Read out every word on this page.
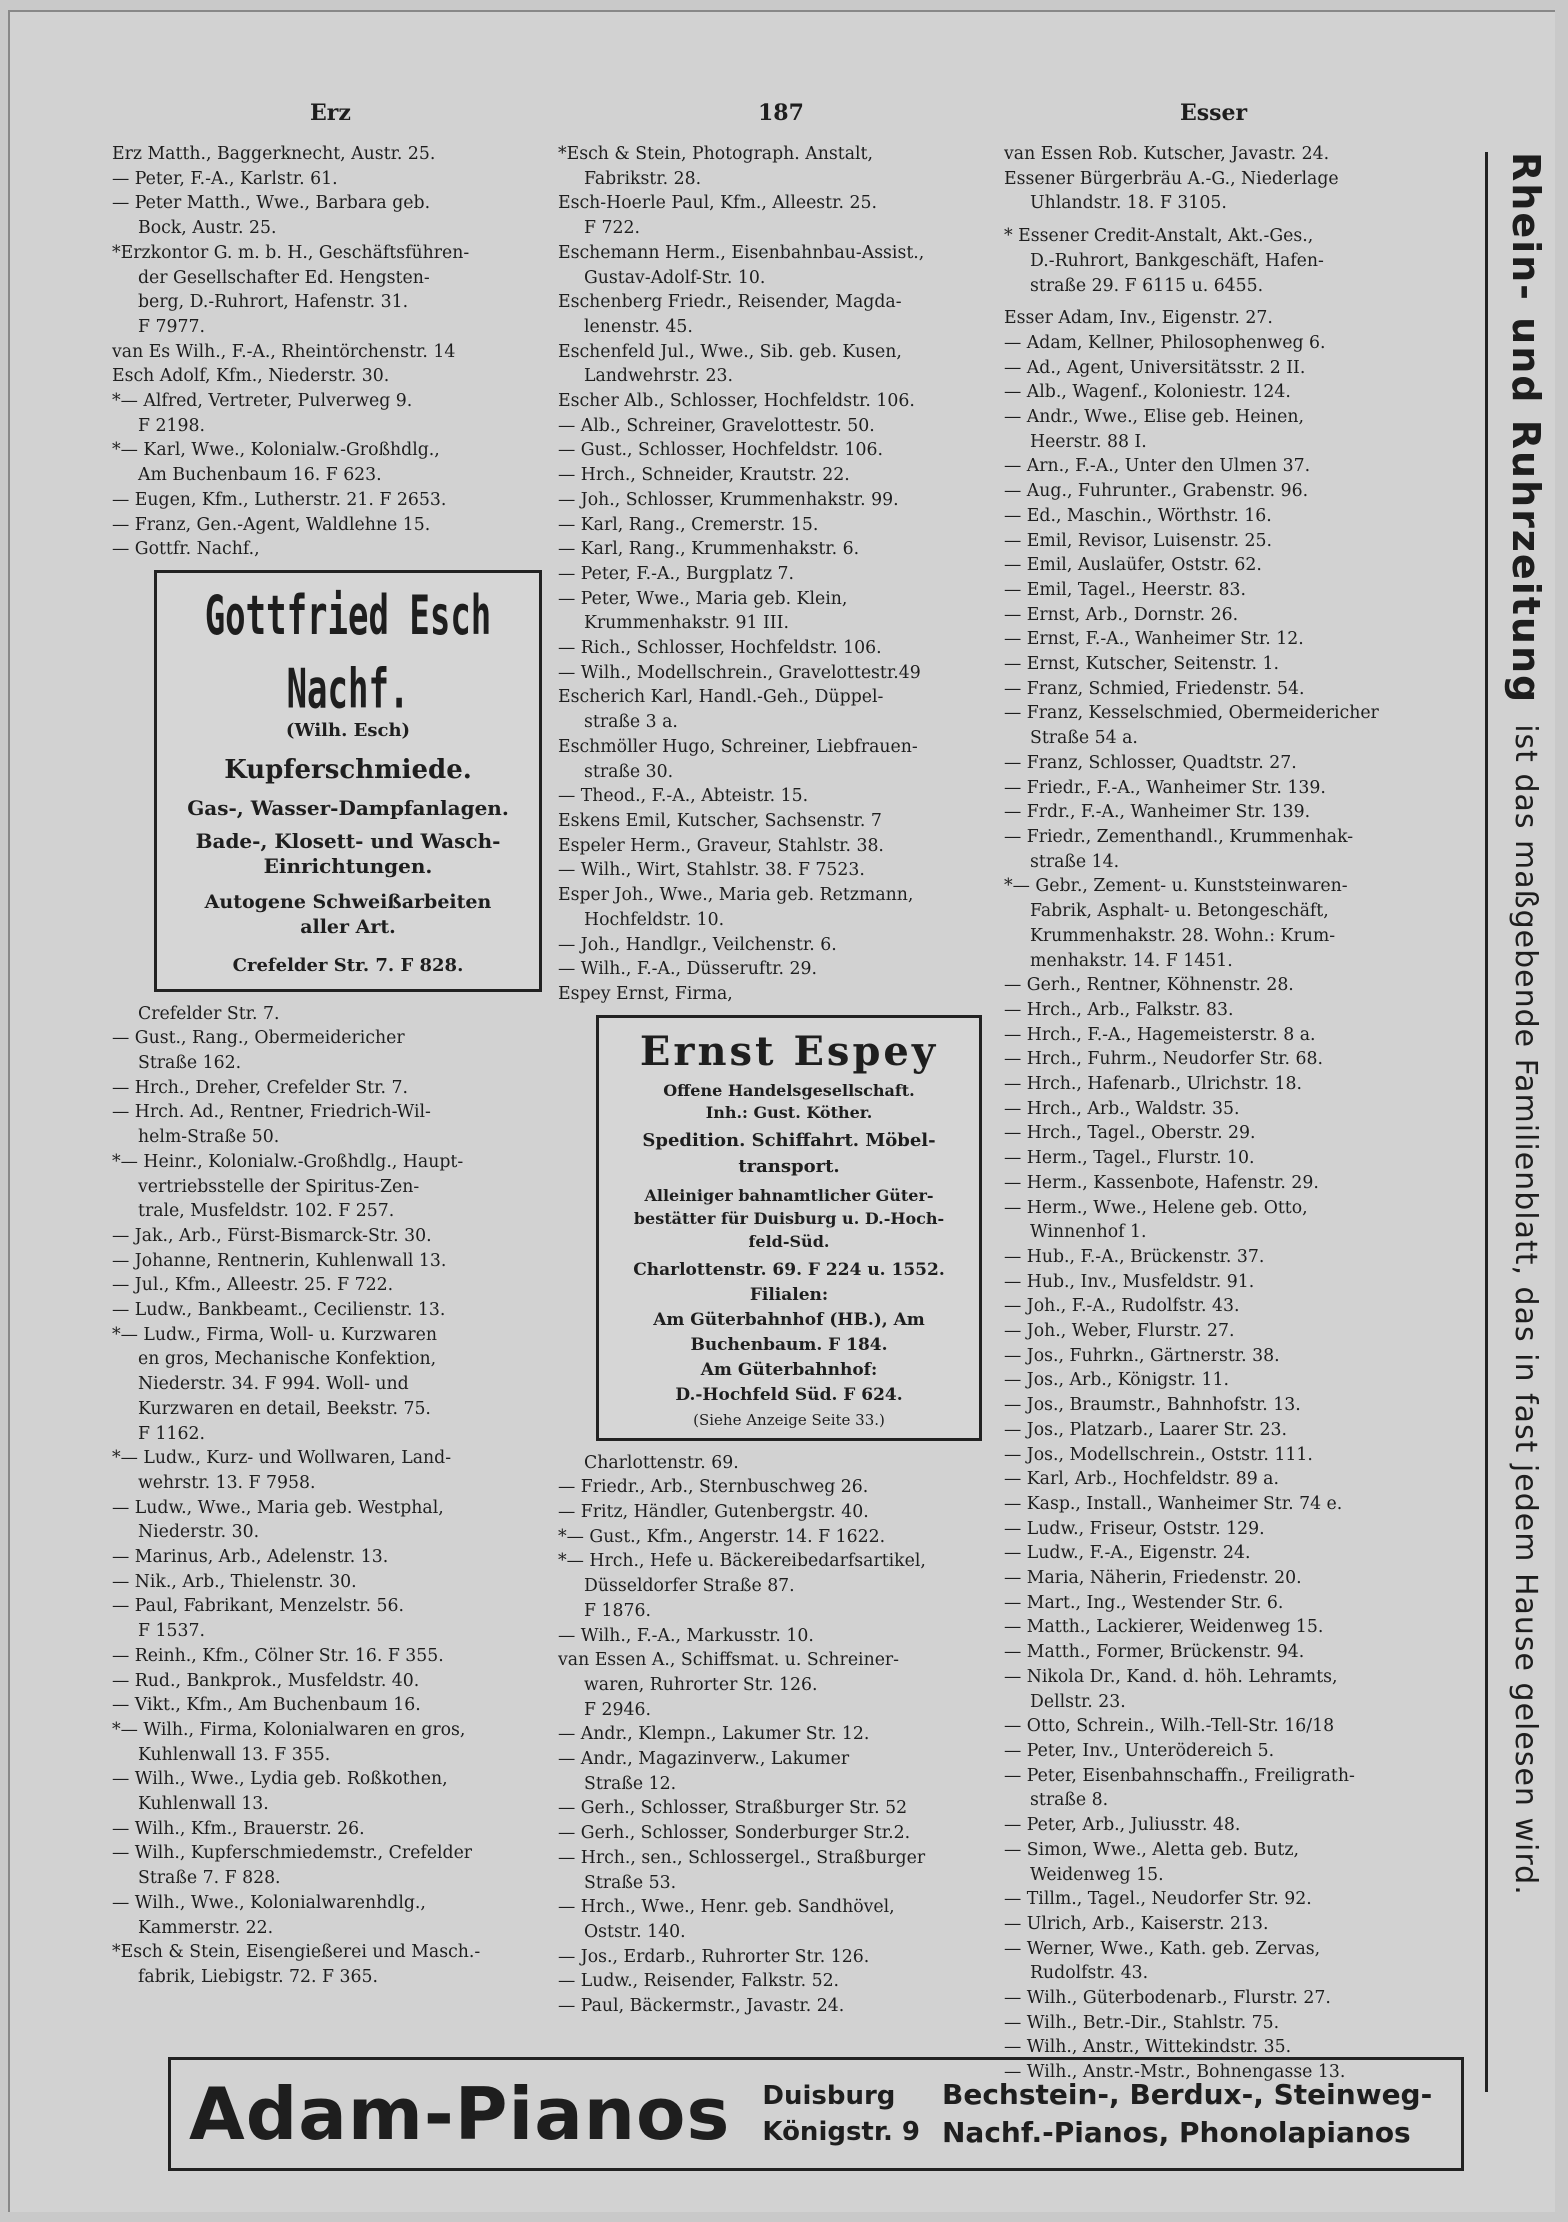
Erz	187	Esser
Erz Matth., Baggerknecht, Austr. 25.
— Peter, F.-A., Karlstr. 61.
— Peter Matth., Wwe., Barbara geb.
Bock, Austr. 25.
*Erzkontor G. m. b. H., Geschäftsführen-
der Gesellschafter Ed. Hengsten-
berg, D.-Ruhrort, Hafenstr. 31.
F 7977.
van Es Wilh., F.-A., Rheintörchenstr. 14
Esch Adolf, Kfm., Niederstr. 30.
*— Alfred, Vertreter, Pulverweg 9.
F 2198.
*— Karl, Wwe., Kolonialw.-Großhdlg.,
Am Buchenbaum 16. F 623.
— Eugen, Kfm., Lutherstr. 21. F 2653.
— Franz, Gen.-Agent, Waldlehne 15.
— Gottfr. Nachf.,
Gottfried Esch Nachf.
(Wilh. Esch)
Kupferschmiede.
Gas-, Wasser-Dampfanlagen.
Bade-, Klosett- und Wasch-
Einrichtungen.
Autogene Schweißarbeiten
aller Art.
Crefelder Str. 7. F 828.
Crefelder Str. 7.
— Gust., Rang., Obermeidericher
Straße 162.
— Hrch., Dreher, Crefelder Str. 7.
— Hrch. Ad., Rentner, Friedrich-Wil-
helm-Straße 50.
*— Heinr., Kolonialw.-Großhdlg., Haupt-
vertriebsstelle der Spiritus-Zen-
trale, Musfeldstr. 102. F 257.
— Jak., Arb., Fürst-Bismarck-Str. 30.
— Johanne, Rentnerin, Kuhlenwall 13.
— Jul., Kfm., Alleestr. 25. F 722.
— Ludw., Bankbeamt., Cecilienstr. 13.
*— Ludw., Firma, Woll- u. Kurzwaren
en gros, Mechanische Konfektion,
Niederstr. 34. F 994. Woll- und
Kurzwaren en detail, Beekstr. 75.
F 1162.
*— Ludw., Kurz- und Wollwaren, Land-
wehrstr. 13. F 7958.
— Ludw., Wwe., Maria geb. Westphal,
Niederstr. 30.
— Marinus, Arb., Adelenstr. 13.
— Nik., Arb., Thielenstr. 30.
— Paul, Fabrikant, Menzelstr. 56.
F 1537.
— Reinh., Kfm., Cölner Str. 16. F 355.
— Rud., Bankprok., Musfeldstr. 40.
— Vikt., Kfm., Am Buchenbaum 16.
*— Wilh., Firma, Kolonialwaren en gros,
Kuhlenwall 13. F 355.
— Wilh., Wwe., Lydia geb. Roßkothen,
Kuhlenwall 13.
— Wilh., Kfm., Brauerstr. 26.
— Wilh., Kupferschmiedemstr., Crefelder
Straße 7. F 828.
— Wilh., Wwe., Kolonialwarenhdlg.,
Kammerstr. 22.
*Esch & Stein, Eisengießerei und Masch.-
fabrik, Liebigstr. 72. F 365.
*Esch & Stein, Photograph. Anstalt,
Fabrikstr. 28.
Esch-Hoerle Paul, Kfm., Alleestr. 25.
F 722.
Eschemann Herm., Eisenbahnbau-Assist.,
Gustav-Adolf-Str. 10.
Eschenberg Friedr., Reisender, Magda-
lenenstr. 45.
Eschenfeld Jul., Wwe., Sib. geb. Kusen,
Landwehrstr. 23.
Escher Alb., Schlosser, Hochfeldstr. 106.
— Alb., Schreiner, Gravelottestr. 50.
— Gust., Schlosser, Hochfeldstr. 106.
— Hrch., Schneider, Krautstr. 22.
— Joh., Schlosser, Krummenhakstr. 99.
— Karl, Rang., Cremerstr. 15.
— Karl, Rang., Krummenhakstr. 6.
— Peter, F.-A., Burgplatz 7.
— Peter, Wwe., Maria geb. Klein,
Krummenhakstr. 91 III.
— Rich., Schlosser, Hochfeldstr. 106.
— Wilh., Modellschrein., Gravelottestr.49
Escherich Karl, Handl.-Geh., Düppel-
straße 3 a.
Eschmöller Hugo, Schreiner, Liebfrauen-
straße 30.
— Theod., F.-A., Abteistr. 15.
Eskens Emil, Kutscher, Sachsenstr. 7
Espeler Herm., Graveur, Stahlstr. 38.
— Wilh., Wirt, Stahlstr. 38. F 7523.
Esper Joh., Wwe., Maria geb. Retzmann,
Hochfeldstr. 10.
— Joh., Handlgr., Veilchenstr. 6.
— Wilh., F.-A., Düsseruftr. 29.
Espey Ernst, Firma,
Ernst Espey
Offene Handelsgesellschaft.
Inh.: Gust. Köther.
Spedition. Schiffahrt. Möbel-
transport.
Alleiniger bahnamtlicher Güter-
bestätter für Duisburg u. D.-Hoch-
feld-Süd.
Charlottenstr. 69. F 224 u. 1552.
Filialen:
Am Güterbahnhof (HB.), Am
Buchenbaum. F 184.
Am Güterbahnhof:
D.-Hochfeld Süd. F 624.
(Siehe Anzeige Seite 33.)
Charlottenstr. 69.
— Friedr., Arb., Sternbuschweg 26.
— Fritz, Händler, Gutenbergstr. 40.
*— Gust., Kfm., Angerstr. 14. F 1622.
*— Hrch., Hefe u. Bäckereibedarfsartikel,
Düsseldorfer Straße 87.
F 1876.
— Wilh., F.-A., Markusstr. 10.
van Essen A., Schiffsmat. u. Schreiner-
waren, Ruhrorter Str. 126.
F 2946.
— Andr., Klempn., Lakumer Str. 12.
— Andr., Magazinverw., Lakumer
Straße 12.
— Gerh., Schlosser, Straßburger Str. 52
— Gerh., Schlosser, Sonderburger Str.2.
— Hrch., sen., Schlossergel., Straßburger
Straße 53.
— Hrch., Wwe., Henr. geb. Sandhövel,
Oststr. 140.
— Jos., Erdarb., Ruhrorter Str. 126.
— Ludw., Reisender, Falkstr. 52.
— Paul, Bäckermstr., Javastr. 24.
van Essen Rob. Kutscher, Javastr. 24.
Essener Bürgerbräu A.-G., Niederlage
Uhlandstr. 18. F 3105.
* Essener Credit-Anstalt, Akt.-Ges.,
D.-Ruhrort, Bankgeschäft, Hafen-
straße 29. F 6115 u. 6455.
Esser Adam, Inv., Eigenstr. 27.
— Adam, Kellner, Philosophenweg 6.
— Ad., Agent, Universitätsstr. 2 II.
— Alb., Wagenf., Koloniestr. 124.
— Andr., Wwe., Elise geb. Heinen,
Heerstr. 88 I.
— Arn., F.-A., Unter den Ulmen 37.
— Aug., Fuhrunter., Grabenstr. 96.
— Ed., Maschin., Wörthstr. 16.
— Emil, Revisor, Luisenstr. 25.
— Emil, Auslaüfer, Oststr. 62.
— Emil, Tagel., Heerstr. 83.
— Ernst, Arb., Dornstr. 26.
— Ernst, F.-A., Wanheimer Str. 12.
— Ernst, Kutscher, Seitenstr. 1.
— Franz, Schmied, Friedenstr. 54.
— Franz, Kesselschmied, Obermeidericher
Straße 54 a.
— Franz, Schlosser, Quadtstr. 27.
— Friedr., F.-A., Wanheimer Str. 139.
— Frdr., F.-A., Wanheimer Str. 139.
— Friedr., Zementhandl., Krummenhak-
straße 14.
*— Gebr., Zement- u. Kunststeinwaren-
Fabrik, Asphalt- u. Betongeschäft,
Krummenhakstr. 28. Wohn.: Krum-
menhakstr. 14. F 1451.
— Gerh., Rentner, Köhnenstr. 28.
— Hrch., Arb., Falkstr. 83.
— Hrch., F.-A., Hagemeisterstr. 8 a.
— Hrch., Fuhrm., Neudorfer Str. 68.
— Hrch., Hafenarb., Ulrichstr. 18.
— Hrch., Arb., Waldstr. 35.
— Hrch., Tagel., Oberstr. 29.
— Herm., Tagel., Flurstr. 10.
— Herm., Kassenbote, Hafenstr. 29.
— Herm., Wwe., Helene geb. Otto,
Winnenhof 1.
— Hub., F.-A., Brückenstr. 37.
— Hub., Inv., Musfeldstr. 91.
— Joh., F.-A., Rudolfstr. 43.
— Joh., Weber, Flurstr. 27.
— Jos., Fuhrkn., Gärtnerstr. 38.
— Jos., Arb., Königstr. 11.
— Jos., Braumstr., Bahnhofstr. 13.
— Jos., Platzarb., Laarer Str. 23.
— Jos., Modellschrein., Oststr. 111.
— Karl, Arb., Hochfeldstr. 89 a.
— Kasp., Install., Wanheimer Str. 74 e.
— Ludw., Friseur, Oststr. 129.
— Ludw., F.-A., Eigenstr. 24.
— Maria, Näherin, Friedenstr. 20.
— Mart., Ing., Westender Str. 6.
— Matth., Lackierer, Weidenweg 15.
— Matth., Former, Brückenstr. 94.
— Nikola Dr., Kand. d. höh. Lehramts,
Dellstr. 23.
— Otto, Schrein., Wilh.-Tell-Str. 16/18
— Peter, Inv., Unterödereich 5.
— Peter, Eisenbahnschaffn., Freiligrath-
straße 8.
— Peter, Arb., Juliusstr. 48.
— Simon, Wwe., Aletta geb. Butz,
Weidenweg 15.
— Tillm., Tagel., Neudorfer Str. 92.
— Ulrich, Arb., Kaiserstr. 213.
— Werner, Wwe., Kath. geb. Zervas,
Rudolfstr. 43.
— Wilh., Güterbodenarb., Flurstr. 27.
— Wilh., Betr.-Dir., Stahlstr. 75.
— Wilh., Anstr., Wittekindstr. 35.
— Wilh., Anstr.-Mstr., Bohnengasse 13.
Rhein- und Ruhrzeitung
ist das maßgebende Familienblatt, das in fast jedem Hause gelesen wird.
Adam-Pianos	Duisburg
Königstr. 9
Bechstein-, Berdux-, Steinweg-
Nachf.-Pianos, Phonolapianos
